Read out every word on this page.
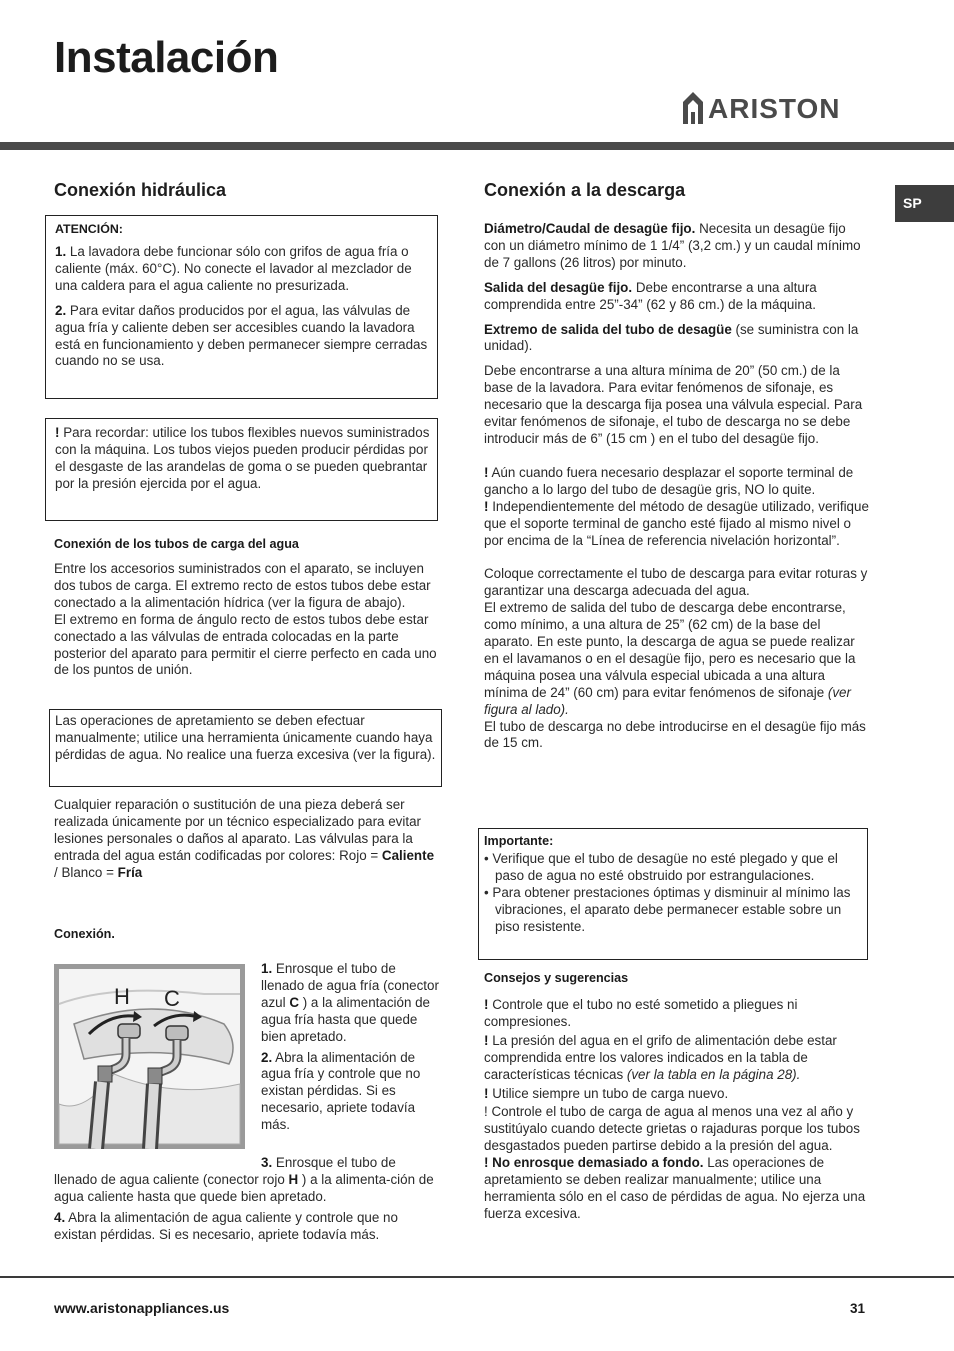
Instalación
ARISTON
SP
Conexión hidráulica

ATENCIÓN:

1. La lavadora debe funcionar sólo con grifos de agua fría o caliente (máx. 60°C). No conecte el lavador al mezclador de una caldera para el agua caliente no presurizada.

2. Para evitar daños producidos por el agua, las válvulas de agua fría y caliente deben ser accesibles cuando la lavadora está en funcionamiento y deben permanecer siempre cerradas cuando no se usa.

! Para recordar: utilice los tubos flexibles nuevos suministrados con la máquina. Los tubos viejos pueden producir pérdidas por el desgaste de las arandelas de goma o se pueden quebrantar por la presión ejercida por el agua.

Conexión de los tubos de carga del agua

Entre los accesorios suministrados con el aparato, se incluyen dos tubos de carga. El extremo recto de estos tubos debe estar conectado a la alimentación hídrica (ver la figura de abajo).

El extremo en forma de ángulo recto de estos tubos debe estar conectado a las válvulas de entrada colocadas en la parte posterior del aparato para permitir el cierre perfecto en cada uno de los puntos de unión.

Las operaciones de apretamiento se deben efectuar manualmente; utilice una herramienta únicamente cuando haya pérdidas de agua. No realice una fuerza excesiva (ver la figura).

Cualquier reparación o sustitución de una pieza deberá ser realizada únicamente por un técnico especializado para evitar lesiones personales o daños al aparato. Las válvulas para la entrada del agua están codificadas por colores: Rojo = Caliente / Blanco = Fría

Conexión.

H C

1. Enrosque el tubo de llenado de agua fría (conector azul C ) a la alimentación de agua fría hasta que quede bien apretado.

2. Abra la alimentación de agua fría y controle que no existan pérdidas. Si es necesario, apriete todavía más.

3. Enrosque el tubo de llenado de agua caliente (conector rojo H ) a la alimenta-ción de agua caliente hasta que quede bien apretado.

4. Abra la alimentación de agua caliente y controle que no existan pérdidas. Si es necesario, apriete todavía más.

Conexión a la descarga

Diámetro/Caudal de desagüe fijo. Necesita un desagüe fijo con un diámetro mínimo de 1 1/4” (3,2 cm.) y un caudal mínimo de 7 gallons (26 litros) por minuto.

Salida del desagüe fijo. Debe encontrarse a una altura comprendida entre 25”-34” (62 y 86 cm.) de la máquina.

Extremo de salida del tubo de desagüe (se suministra con la unidad).

Debe encontrarse a una altura mínima de 20” (50 cm.) de la base de la lavadora. Para evitar fenómenos de sifonaje, es necesario que la descarga fija posea una válvula especial. Para evitar fenómenos de sifonaje, el tubo de descarga no se debe introducir más de 6” (15 cm ) en el tubo del desagüe fijo.

! Aún cuando fuera necesario desplazar el soporte terminal de gancho a lo largo del tubo de desagüe gris, NO lo quite.

! Independientemente del método de desagüe utilizado, verifique que el soporte terminal de gancho esté fijado al mismo nivel o por encima de la “Línea de referencia nivelación horizontal”.

Coloque correctamente el tubo de descarga para evitar roturas y garantizar una descarga adecuada del agua.

El extremo de salida del tubo de descarga debe encontrarse, como mínimo, a una altura de 25” (62 cm) de la base del aparato. En este punto, la descarga de agua se puede realizar en el lavamanos o en el desagüe fijo, pero es necesario que la máquina posea una válvula especial ubicada a una altura mínima de 24” (60 cm) para evitar fenómenos de sifonaje (ver figura al lado).

El tubo de descarga no debe introducirse en el desagüe fijo más de 15 cm.

Importante:

• Verifique que el tubo de desagüe no esté plegado y que el paso de agua no esté obstruido por estrangulaciones.
• Para obtener prestaciones óptimas y disminuir al mínimo las vibraciones, el aparato debe permanecer estable sobre un piso resistente.

Consejos y sugerencias

! Controle que el tubo no esté sometido a pliegues ni compresiones.

! La presión del agua en el grifo de alimentación debe estar comprendida entre los valores indicados en la tabla de características técnicas (ver la tabla en la página 28).

! Utilice siempre un tubo de carga nuevo.

! Controle el tubo de carga de agua al menos una vez al año y sustitúyalo cuando detecte grietas o rajaduras porque los tubos desgastados pueden partirse debido a la presión del agua.

! No enrosque demasiado a fondo. Las operaciones de apretamiento se deben realizar manualmente; utilice una herramienta sólo en el caso de pérdidas de agua. No ejerza una fuerza excesiva.

www.aristonappliances.us	31
